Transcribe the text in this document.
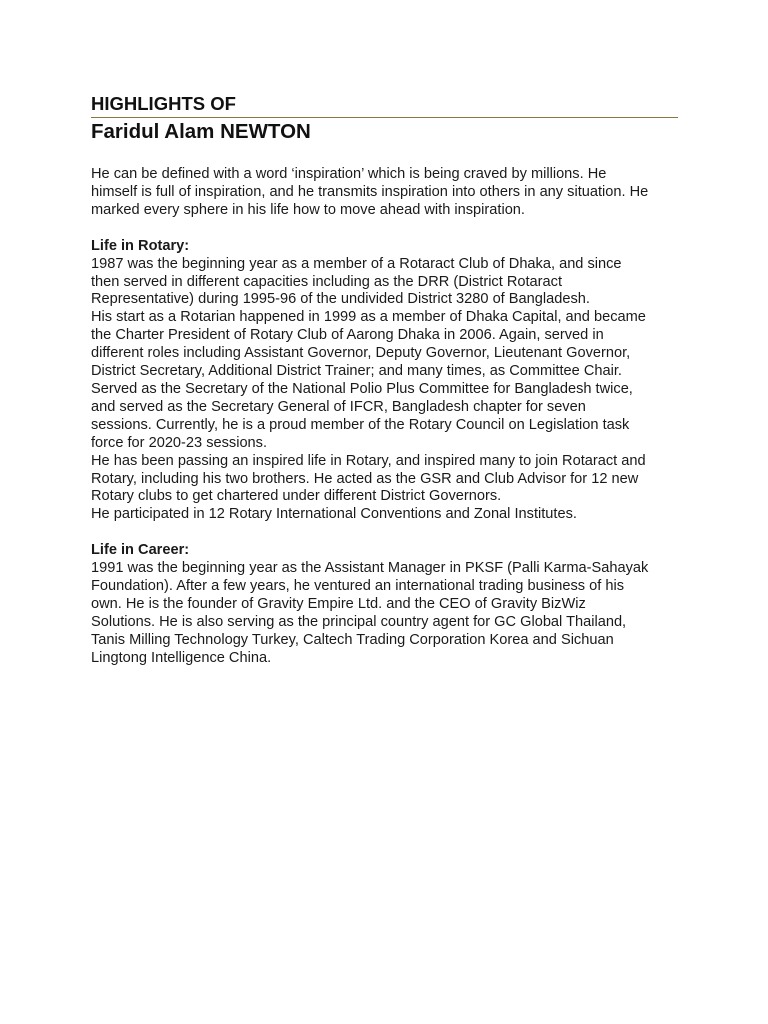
HIGHLIGHTS OF
Faridul Alam NEWTON

He can be defined with a word ‘inspiration’ which is being craved by millions. He
himself is full of inspiration, and he transmits inspiration into others in any situation. He
marked every sphere in his life how to move ahead with inspiration.

Life in Rotary:

1987 was the beginning year as a member of a Rotaract Club of Dhaka, and since
then served in different capacities including as the DRR (District Rotaract
Representative) during 1995-96 of the undivided District 3280 of Bangladesh.
His start as a Rotarian happened in 1999 as a member of Dhaka Capital, and became
the Charter President of Rotary Club of Aarong Dhaka in 2006. Again, served in
different roles including Assistant Governor, Deputy Governor, Lieutenant Governor,
District Secretary, Additional District Trainer; and many times, as Committee Chair.
Served as the Secretary of the National Polio Plus Committee for Bangladesh twice,
and served as the Secretary General of IFCR, Bangladesh chapter for seven
sessions. Currently, he is a proud member of the Rotary Council on Legislation task
force for 2020-23 sessions.
He has been passing an inspired life in Rotary, and inspired many to join Rotaract and
Rotary, including his two brothers. He acted as the GSR and Club Advisor for 12 new
Rotary clubs to get chartered under different District Governors.
He participated in 12 Rotary International Conventions and Zonal Institutes.

Life in Career:

1991 was the beginning year as the Assistant Manager in PKSF (Palli Karma-Sahayak
Foundation). After a few years, he ventured an international trading business of his
own. He is the founder of Gravity Empire Ltd. and the CEO of Gravity BizWiz
Solutions. He is also serving as the principal country agent for GC Global Thailand,
Tanis Milling Technology Turkey, Caltech Trading Corporation Korea and Sichuan
Lingtong Intelligence China.
